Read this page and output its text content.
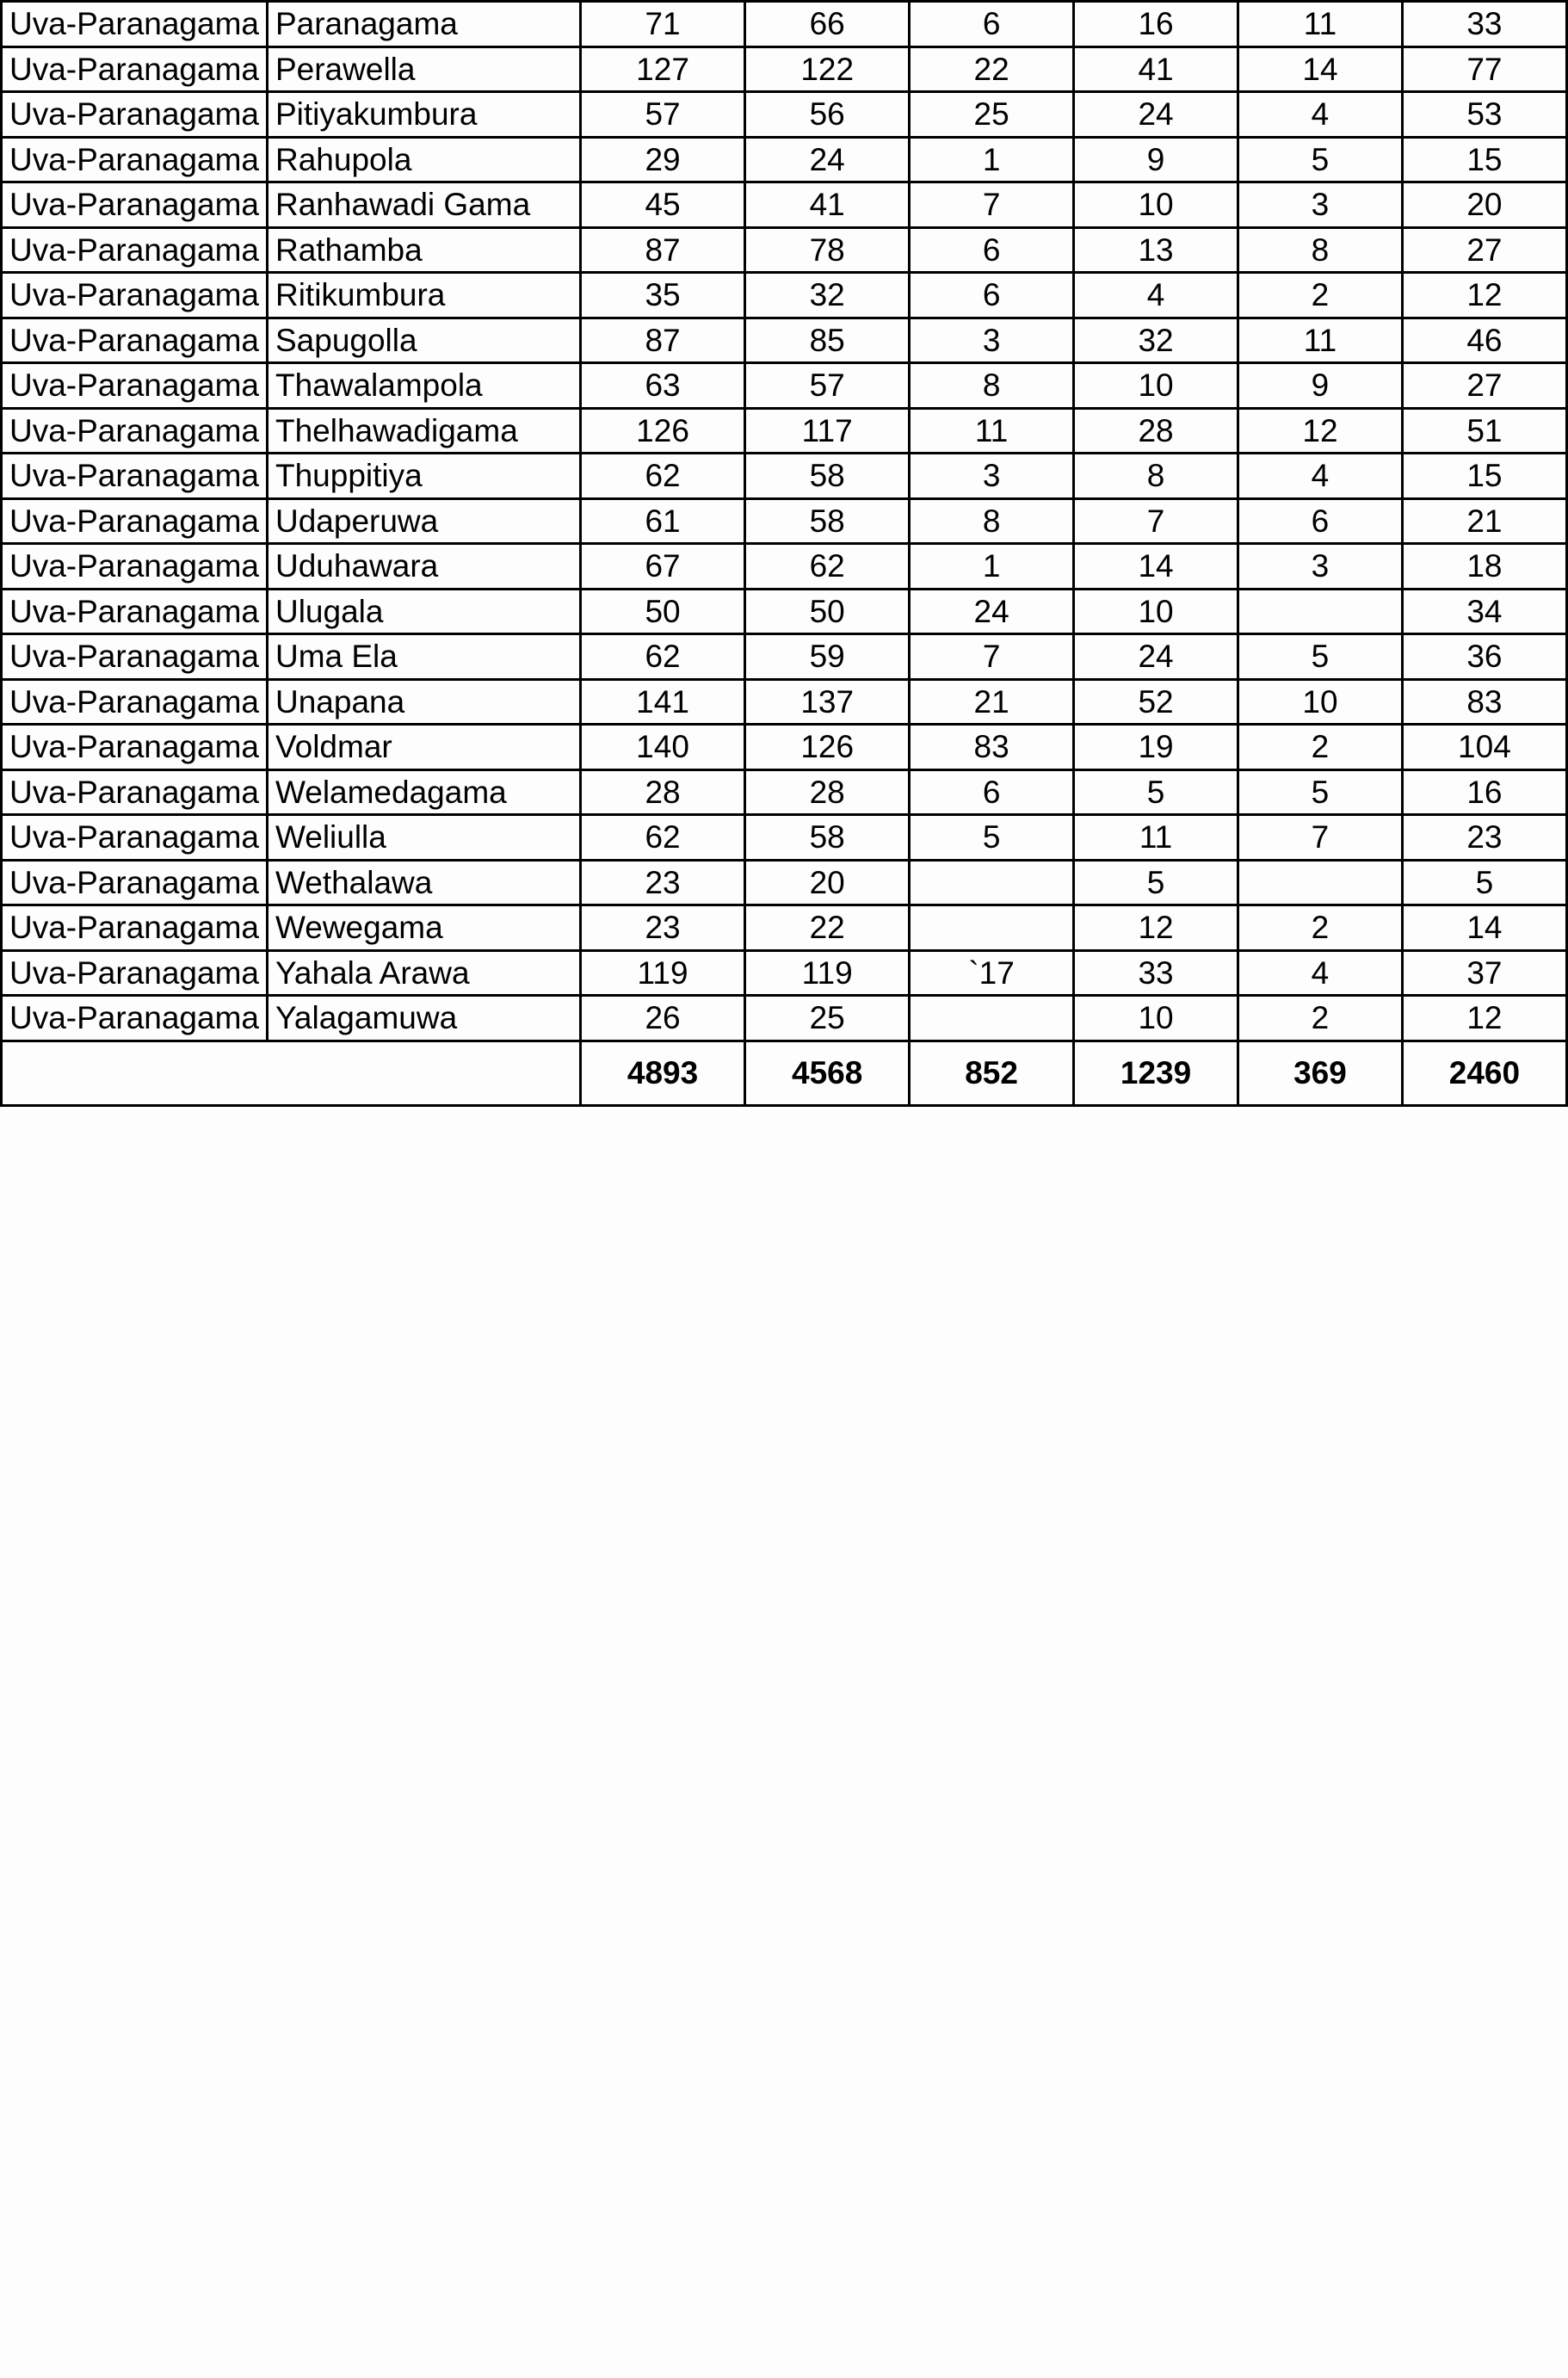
Uva-Paranagama	Paranagama	71	66	6	16	11	33
Uva-Paranagama	Perawella	127	122	22	41	14	77
Uva-Paranagama	Pitiyakumbura	57	56	25	24	4	53
Uva-Paranagama	Rahupola	29	24	1	9	5	15
Uva-Paranagama	Ranhawadi Gama	45	41	7	10	3	20
Uva-Paranagama	Rathamba	87	78	6	13	8	27
Uva-Paranagama	Ritikumbura	35	32	6	4	2	12
Uva-Paranagama	Sapugolla	87	85	3	32	11	46
Uva-Paranagama	Thawalampola	63	57	8	10	9	27
Uva-Paranagama	Thelhawadigama	126	117	11	28	12	51
Uva-Paranagama	Thuppitiya	62	58	3	8	4	15
Uva-Paranagama	Udaperuwa	61	58	8	7	6	21
Uva-Paranagama	Uduhawara	67	62	1	14	3	18
Uva-Paranagama	Ulugala	50	50	24	10		34
Uva-Paranagama	Uma Ela	62	59	7	24	5	36
Uva-Paranagama	Unapana	141	137	21	52	10	83
Uva-Paranagama	Voldmar	140	126	83	19	2	104
Uva-Paranagama	Welamedagama	28	28	6	5	5	16
Uva-Paranagama	Weliulla	62	58	5	11	7	23
Uva-Paranagama	Wethalawa	23	20		5		5
Uva-Paranagama	Wewegama	23	22		12	2	14
Uva-Paranagama	Yahala Arawa	119	119	`17	33	4	37
Uva-Paranagama	Yalagamuwa	26	25		10	2	12
		4893	4568	852	1239	369	2460
